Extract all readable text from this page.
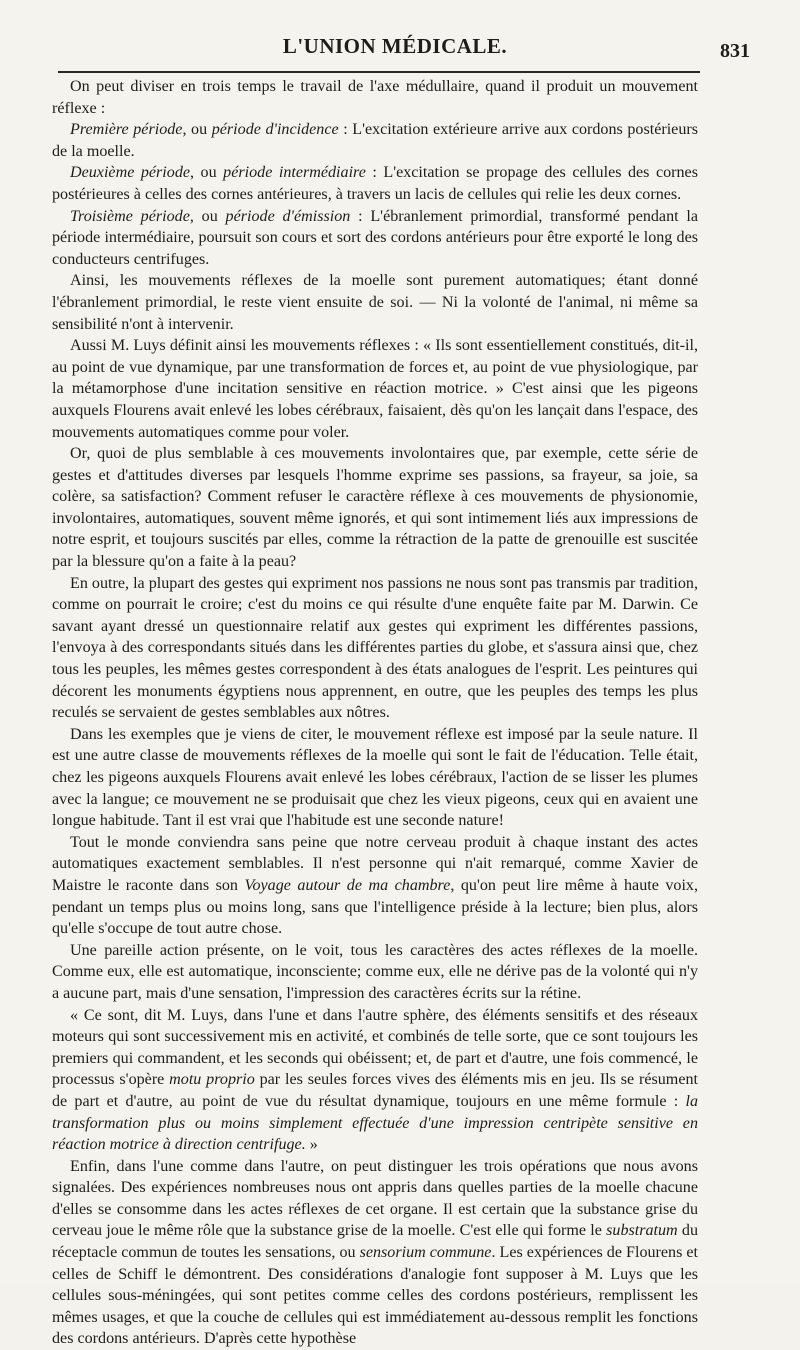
L'UNION MÉDICALE.	831

On peut diviser en trois temps le travail de l'axe médullaire, quand il produit un mouvement réflexe :

Première période, ou période d'incidence : L'excitation extérieure arrive aux cordons postérieurs de la moelle.

Deuxième période, ou période intermédiaire : L'excitation se propage des cellules des cornes postérieures à celles des cornes antérieures, à travers un lacis de cellules qui relie les deux cornes.

Troisième période, ou période d'émission : L'ébranlement primordial, transformé pendant la période intermédiaire, poursuit son cours et sort des cordons antérieurs pour être exporté le long des conducteurs centrifuges.

Ainsi, les mouvements réflexes de la moelle sont purement automatiques; étant donné l'ébranlement primordial, le reste vient ensuite de soi. — Ni la volonté de l'animal, ni même sa sensibilité n'ont à intervenir.

Aussi M. Luys définit ainsi les mouvements réflexes : « Ils sont essentiellement constitués, dit-il, au point de vue dynamique, par une transformation de forces et, au point de vue physiologique, par la métamorphose d'une incitation sensitive en réaction motrice. » C'est ainsi que les pigeons auxquels Flourens avait enlevé les lobes cérébraux, faisaient, dès qu'on les lançait dans l'espace, des mouvements automatiques comme pour voler.

Or, quoi de plus semblable à ces mouvements involontaires que, par exemple, cette série de gestes et d'attitudes diverses par lesquels l'homme exprime ses passions, sa frayeur, sa joie, sa colère, sa satisfaction? Comment refuser le caractère réflexe à ces mouvements de physionomie, involontaires, automatiques, souvent même ignorés, et qui sont intimement liés aux impressions de notre esprit, et toujours suscités par elles, comme la rétraction de la patte de grenouille est suscitée par la blessure qu'on a faite à la peau?

En outre, la plupart des gestes qui expriment nos passions ne nous sont pas transmis par tradition, comme on pourrait le croire; c'est du moins ce qui résulte d'une enquête faite par M. Darwin. Ce savant ayant dressé un questionnaire relatif aux gestes qui expriment les différentes passions, l'envoya à des correspondants situés dans les différentes parties du globe, et s'assura ainsi que, chez tous les peuples, les mêmes gestes correspondent à des états analogues de l'esprit. Les peintures qui décorent les monuments égyptiens nous apprennent, en outre, que les peuples des temps les plus reculés se servaient de gestes semblables aux nôtres.

Dans les exemples que je viens de citer, le mouvement réflexe est imposé par la seule nature. Il est une autre classe de mouvements réflexes de la moelle qui sont le fait de l'éducation. Telle était, chez les pigeons auxquels Flourens avait enlevé les lobes cérébraux, l'action de se lisser les plumes avec la langue; ce mouvement ne se produisait que chez les vieux pigeons, ceux qui en avaient une longue habitude. Tant il est vrai que l'habitude est une seconde nature!

Tout le monde conviendra sans peine que notre cerveau produit à chaque instant des actes automatiques exactement semblables. Il n'est personne qui n'ait remarqué, comme Xavier de Maistre le raconte dans son Voyage autour de ma chambre, qu'on peut lire même à haute voix, pendant un temps plus ou moins long, sans que l'intelligence préside à la lecture; bien plus, alors qu'elle s'occupe de tout autre chose.

Une pareille action présente, on le voit, tous les caractères des actes réflexes de la moelle. Comme eux, elle est automatique, inconsciente; comme eux, elle ne dérive pas de la volonté qui n'y a aucune part, mais d'une sensation, l'impression des caractères écrits sur la rétine.

« Ce sont, dit M. Luys, dans l'une et dans l'autre sphère, des éléments sensitifs et des réseaux moteurs qui sont successivement mis en activité, et combinés de telle sorte, que ce sont toujours les premiers qui commandent, et les seconds qui obéissent; et, de part et d'autre, une fois commencé, le processus s'opère motu proprio par les seules forces vives des éléments mis en jeu. Ils se résument de part et d'autre, au point de vue du résultat dynamique, toujours en une même formule : la transformation plus ou moins simplement effectuée d'une impression centripète sensitive en réaction motrice à direction centrifuge. »

Enfin, dans l'une comme dans l'autre, on peut distinguer les trois opérations que nous avons signalées. Des expériences nombreuses nous ont appris dans quelles parties de la moelle chacune d'elles se consomme dans les actes réflexes de cet organe. Il est certain que la substance grise du cerveau joue le même rôle que la substance grise de la moelle. C'est elle qui forme le substratum du réceptacle commun de toutes les sensations, ou sensorium commune. Les expériences de Flourens et celles de Schiff le démontrent. Des considérations d'analogie font supposer à M. Luys que les cellules sous-méningées, qui sont petites comme celles des cordons postérieurs, remplissent les mêmes usages, et que la couche de cellules qui est immédiatement au-dessous remplit les fonctions des cordons antérieurs. D'après cette hypothèse
